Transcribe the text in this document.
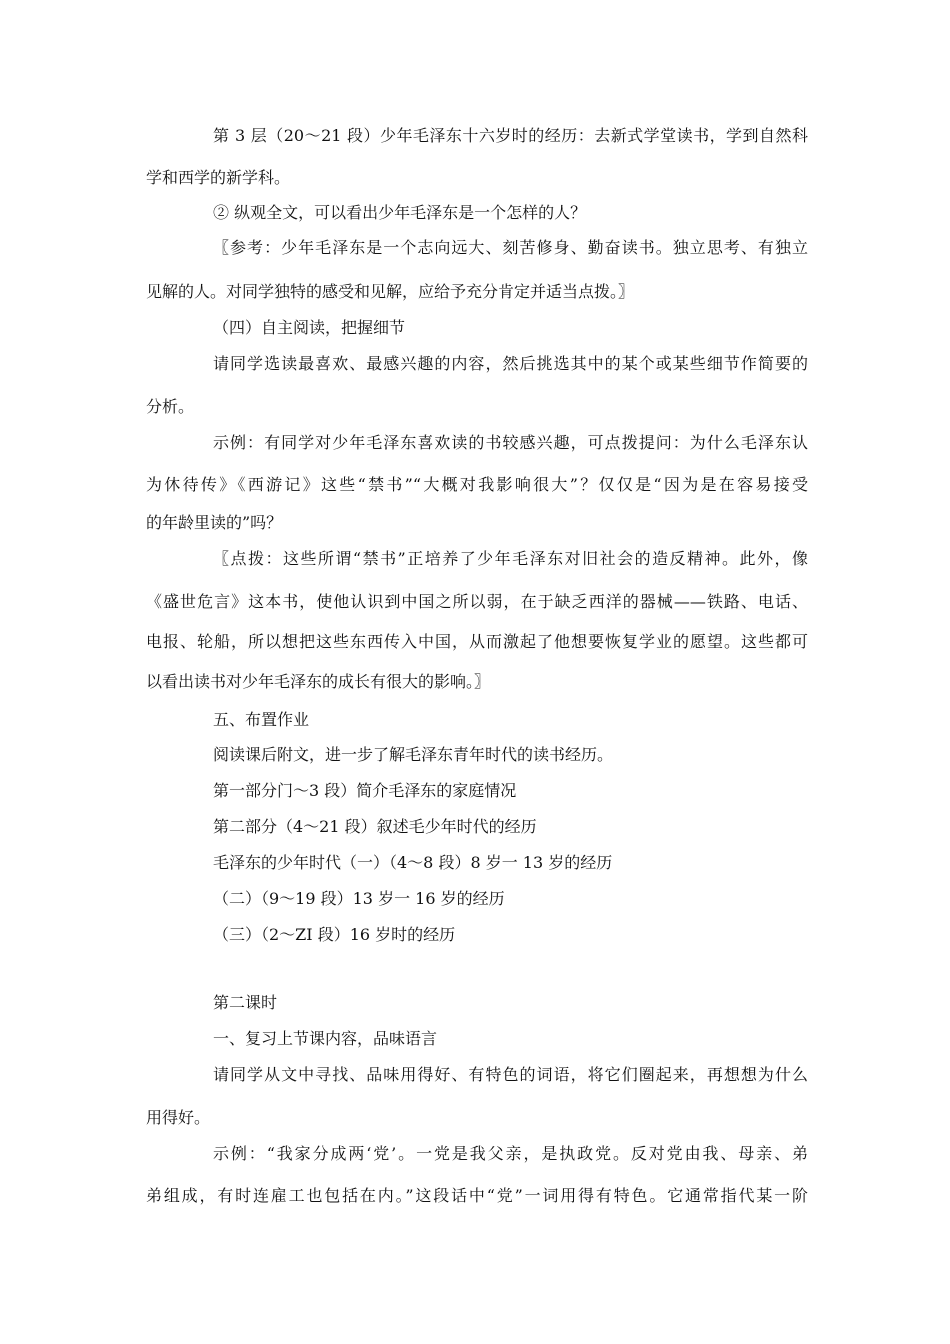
第 3 层（20～21 段）少年毛泽东十六岁时的经历：去新式学堂读书，学到自然科
学和西学的新学科。
② 纵观全文，可以看出少年毛泽东是一个怎样的人？
〖参考：少年毛泽东是一个志向远大、刻苦修身、勤奋读书。独立思考、有独立
见解的人。对同学独特的感受和见解，应给予充分肯定并适当点拨。〗
（四）自主阅读，把握细节
请同学选读最喜欢、最感兴趣的内容，然后挑选其中的某个或某些细节作简要的
分析。
示例：有同学对少年毛泽东喜欢读的书较感兴趣，可点拨提问：为什么毛泽东认
为休待传》《西游记》这些“禁书”“大概对我影响很大”？仅仅是“因为是在容易接受
的年龄里读的”吗？
〖点拨：这些所谓“禁书”正培养了少年毛泽东对旧社会的造反精神。此外，像
《盛世危言》这本书，使他认识到中国之所以弱，在于缺乏西洋的器械——铁路、电话、
电报、轮船，所以想把这些东西传入中国，从而激起了他想要恢复学业的愿望。这些都可
以看出读书对少年毛泽东的成长有很大的影响。〗
五、布置作业
阅读课后附文，进一步了解毛泽东青年时代的读书经历。
第一部分门～3 段）简介毛泽东的家庭情况
第二部分（4～21 段）叙述毛少年时代的经历
毛泽东的少年时代（一）（4～8 段）8 岁一 13 岁的经历
（二）（9～19 段）13 岁一 16 岁的经历
（三）（2～ZI 段）16 岁时的经历
第二课时
一、复习上节课内容，品味语言
请同学从文中寻找、品味用得好、有特色的词语，将它们圈起来，再想想为什么
用得好。
示例：“我家分成两‘党’。一党是我父亲，是执政党。反对党由我、母亲、弟
弟组成，有时连雇工也包括在内。”这段话中“党”一词用得有特色。它通常指代某一阶
